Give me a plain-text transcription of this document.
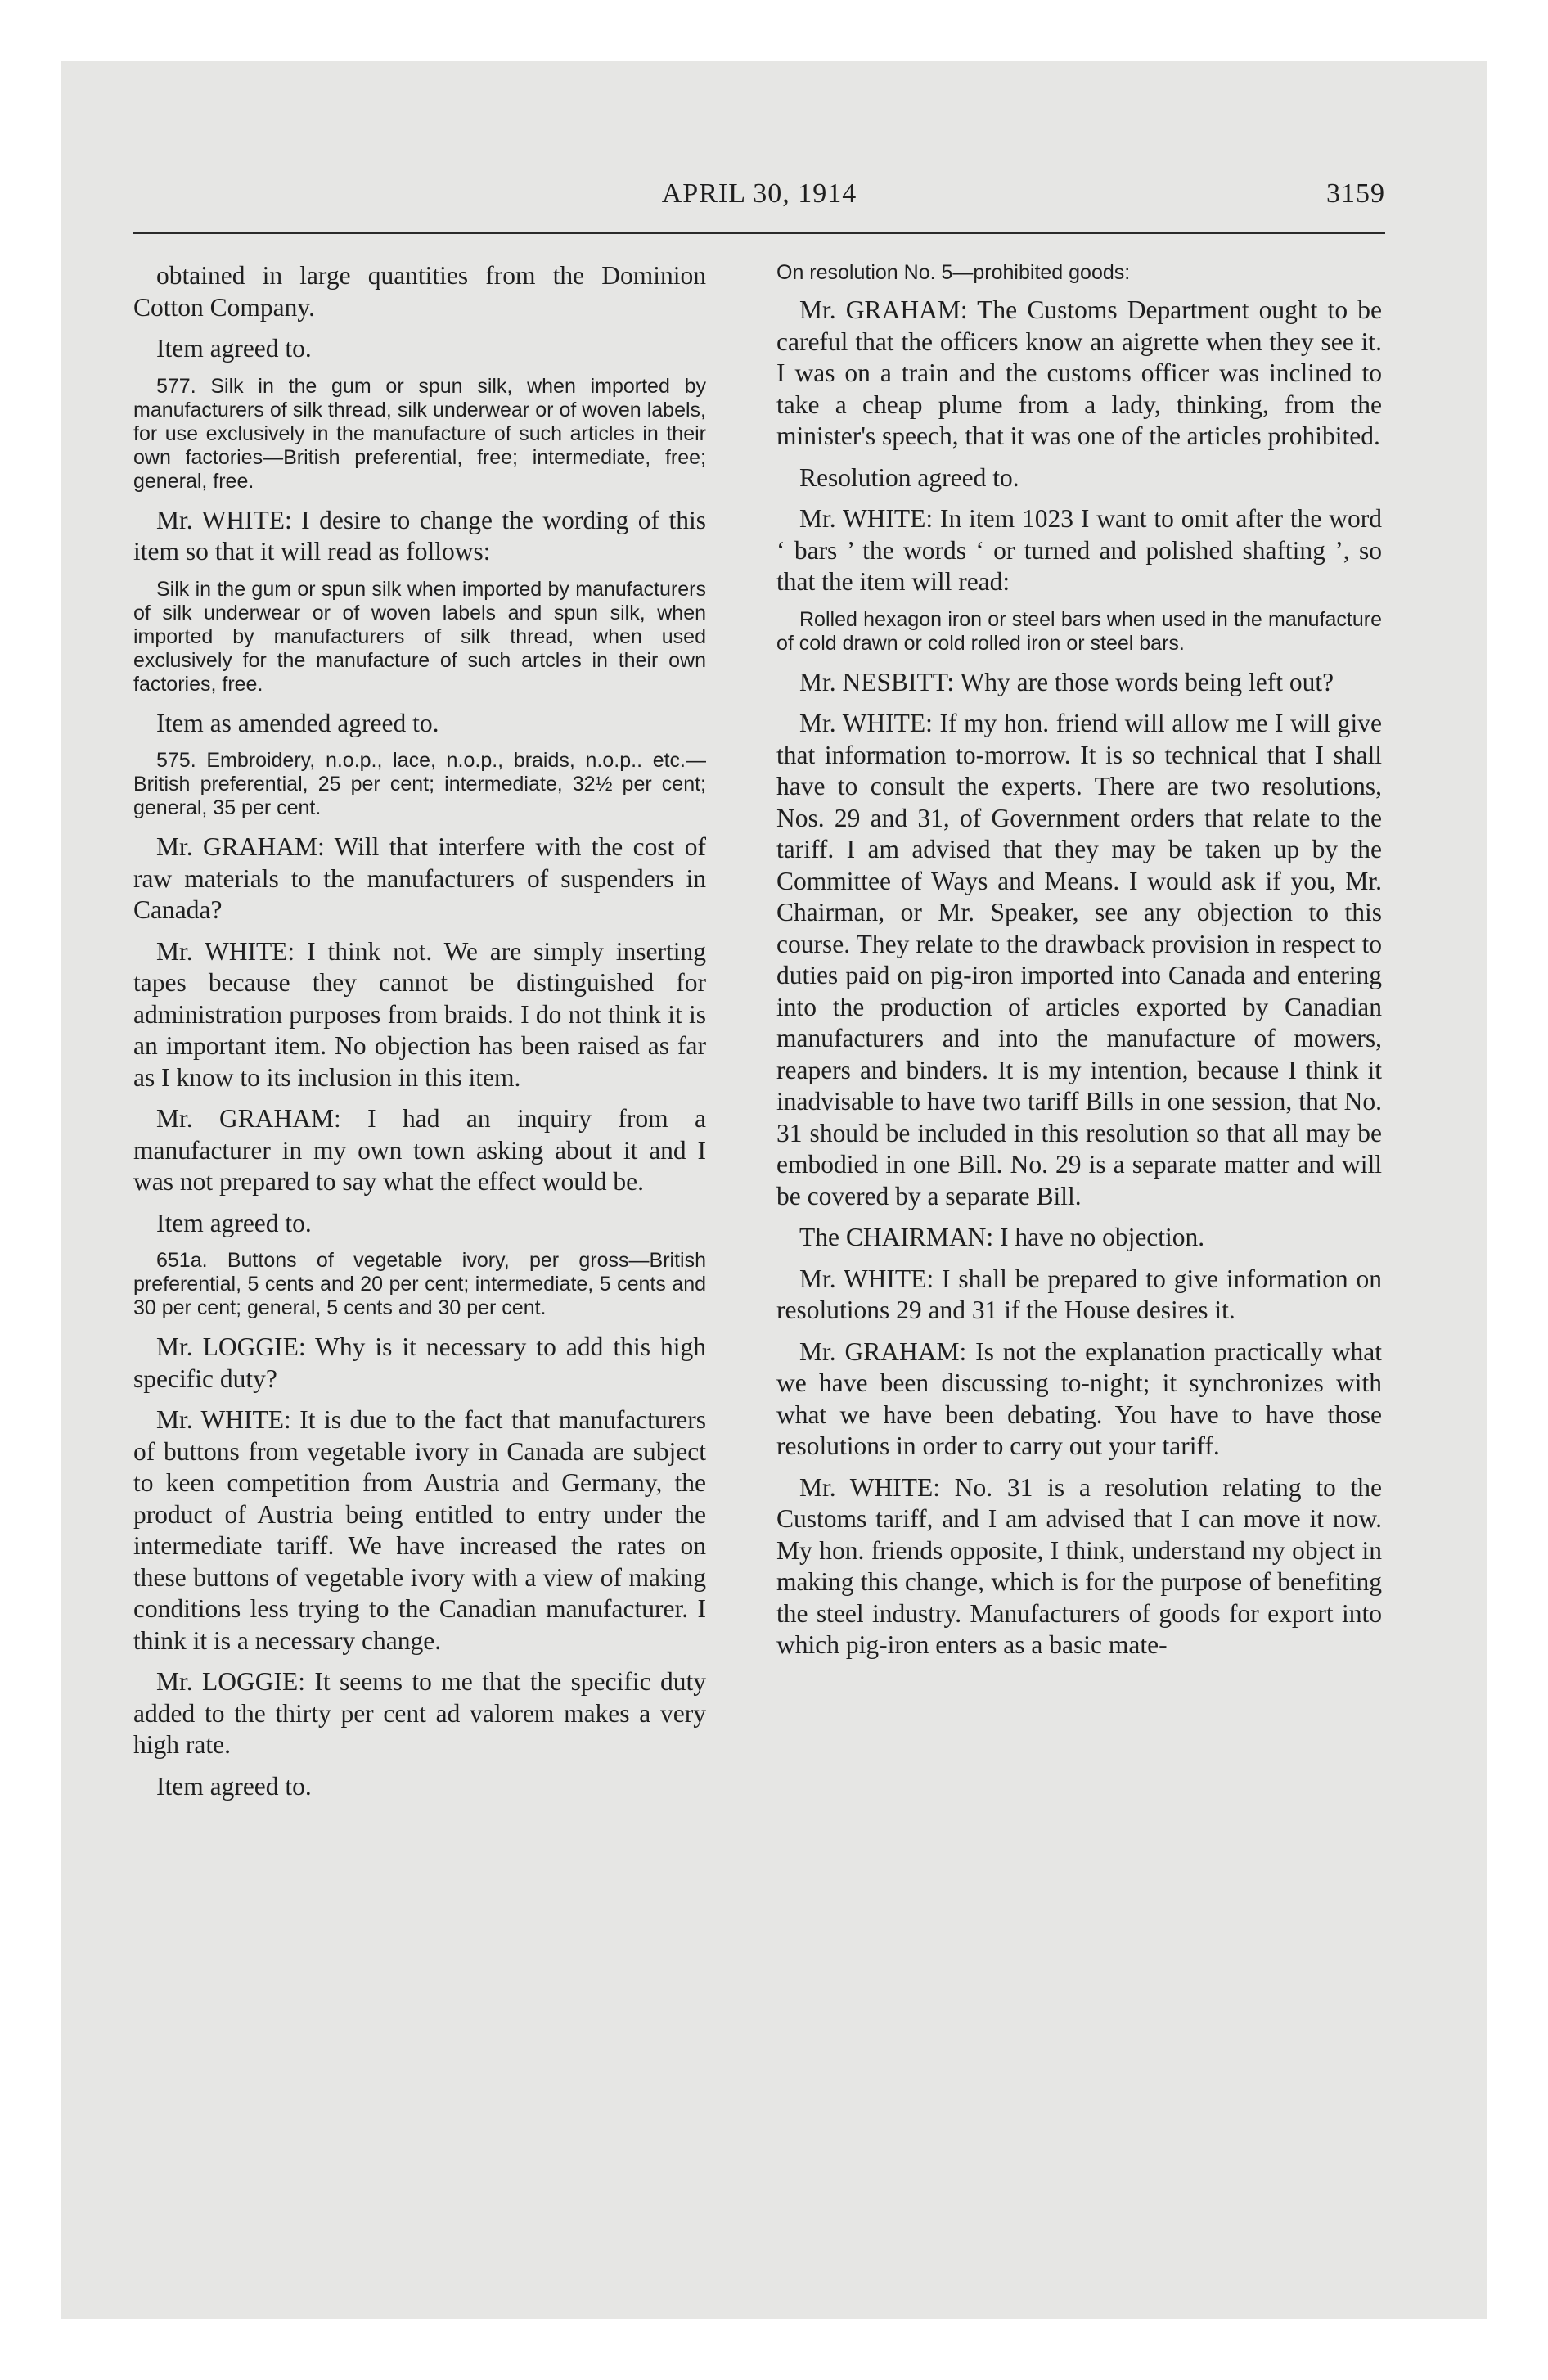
APRIL 30, 1914	3159

obtained in large quantities from the Dominion Cotton Company.

Item agreed to.

577. Silk in the gum or spun silk, when imported by manufacturers of silk thread, silk underwear or of woven labels, for use exclusively in the manufacture of such articles in their own factories—British preferential, free; intermediate, free; general, free.

Mr. WHITE: I desire to change the wording of this item so that it will read as follows:

Silk in the gum or spun silk when imported by manufacturers of silk underwear or of woven labels and spun silk, when imported by manufacturers of silk thread, when used exclusively for the manufacture of such artcles in their own factories, free.

Item as amended agreed to.

575. Embroidery, n.o.p., lace, n.o.p., braids, n.o.p.. etc.—British preferential, 25 per cent; intermediate, 32½ per cent; general, 35 per cent.

Mr. GRAHAM: Will that interfere with the cost of raw materials to the manufacturers of suspenders in Canada?

Mr. WHITE: I think not. We are simply inserting tapes because they cannot be distinguished for administration purposes from braids. I do not think it is an important item. No objection has been raised as far as I know to its inclusion in this item.

Mr. GRAHAM: I had an inquiry from a manufacturer in my own town asking about it and I was not prepared to say what the effect would be.

Item agreed to.

651a. Buttons of vegetable ivory, per gross—British preferential, 5 cents and 20 per cent; intermediate, 5 cents and 30 per cent; general, 5 cents and 30 per cent.

Mr. LOGGIE: Why is it necessary to add this high specific duty?

Mr. WHITE: It is due to the fact that manufacturers of buttons from vegetable ivory in Canada are subject to keen competition from Austria and Germany, the product of Austria being entitled to entry under the intermediate tariff. We have increased the rates on these buttons of vegetable ivory with a view of making conditions less trying to the Canadian manufacturer. I think it is a necessary change.

Mr. LOGGIE: It seems to me that the specific duty added to the thirty per cent ad valorem makes a very high rate.

Item agreed to.

On resolution No. 5—prohibited goods:

Mr. GRAHAM: The Customs Department ought to be careful that the officers know an aigrette when they see it. I was on a train and the customs officer was inclined to take a cheap plume from a lady, thinking, from the minister's speech, that it was one of the articles prohibited.

Resolution agreed to.

Mr. WHITE: In item 1023 I want to omit after the word ‘ bars ’ the words ‘ or turned and polished shafting ’, so that the item will read:

Rolled hexagon iron or steel bars when used in the manufacture of cold drawn or cold rolled iron or steel bars.

Mr. NESBITT: Why are those words being left out?

Mr. WHITE: If my hon. friend will allow me I will give that information to-morrow. It is so technical that I shall have to consult the experts. There are two resolutions, Nos. 29 and 31, of Government orders that relate to the tariff. I am advised that they may be taken up by the Committee of Ways and Means. I would ask if you, Mr. Chairman, or Mr. Speaker, see any objection to this course. They relate to the drawback provision in respect to duties paid on pig-iron imported into Canada and entering into the production of articles exported by Canadian manufacturers and into the manufacture of mowers, reapers and binders. It is my intention, because I think it inadvisable to have two tariff Bills in one session, that No. 31 should be included in this resolution so that all may be embodied in one Bill. No. 29 is a separate matter and will be covered by a separate Bill.

The CHAIRMAN: I have no objection.

Mr. WHITE: I shall be prepared to give information on resolutions 29 and 31 if the House desires it.

Mr. GRAHAM: Is not the explanation practically what we have been discussing to-night; it synchronizes with what we have been debating. You have to have those resolutions in order to carry out your tariff.

Mr. WHITE: No. 31 is a resolution relating to the Customs tariff, and I am advised that I can move it now. My hon. friends opposite, I think, understand my object in making this change, which is for the purpose of benefiting the steel industry. Manufacturers of goods for export into which pig-iron enters as a basic mate-
